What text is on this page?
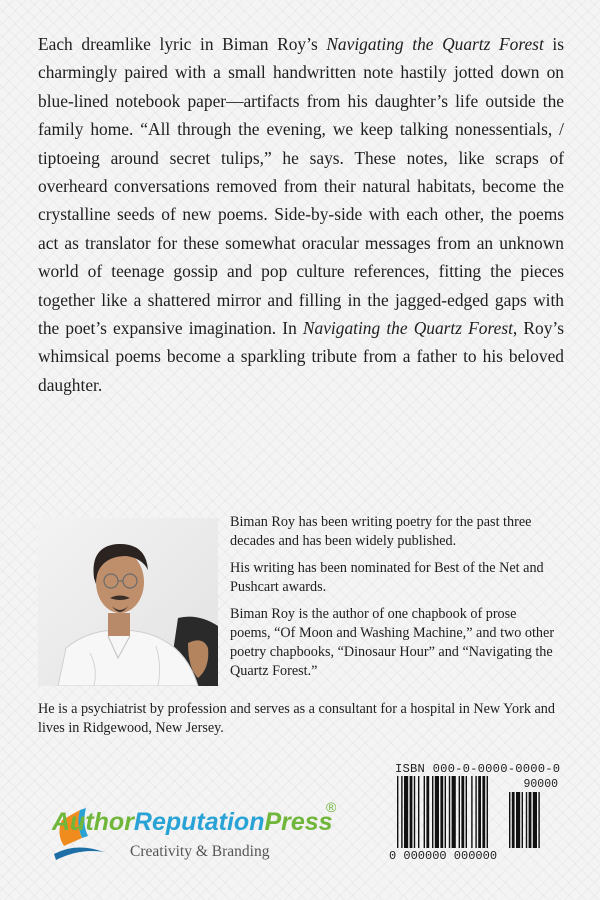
Each dreamlike lyric in Biman Roy’s Navigating the Quartz Forest is charmingly paired with a small handwritten note hastily jotted down on blue-lined notebook paper—artifacts from his daughter’s life outside the family home. “All through the evening, we keep talking nonessentials, / tiptoeing around secret tulips,” he says. These notes, like scraps of overheard conversations removed from their natural habitats, become the crystalline seeds of new poems. Side-by-side with each other, the poems act as translator for these somewhat oracular messages from an unknown world of teenage gossip and pop culture references, fitting the pieces together like a shattered mirror and filling in the jagged-edged gaps with the poet’s expansive imagination. In Navigating the Quartz Forest, Roy’s whimsical poems become a sparkling tribute from a father to his beloved daughter.

Biman Roy has been writing poetry for the past three decades and has been widely published.

His writing has been nominated for Best of the Net and Pushcart awards.

Biman Roy is the author of one chapbook of prose poems, “Of Moon and Washing Machine,” and two other poetry chapbooks, “Dinosaur Hour” and “Navigating the Quartz Forest.”

He is a psychiatrist by profession and serves as a consultant for a hospital in New York and lives in Ridgewood, New Jersey.

AuthorReputationPress
®
Creativity & Branding
ISBN 000-0-0000-0000-0
90000
0 000000 000000
